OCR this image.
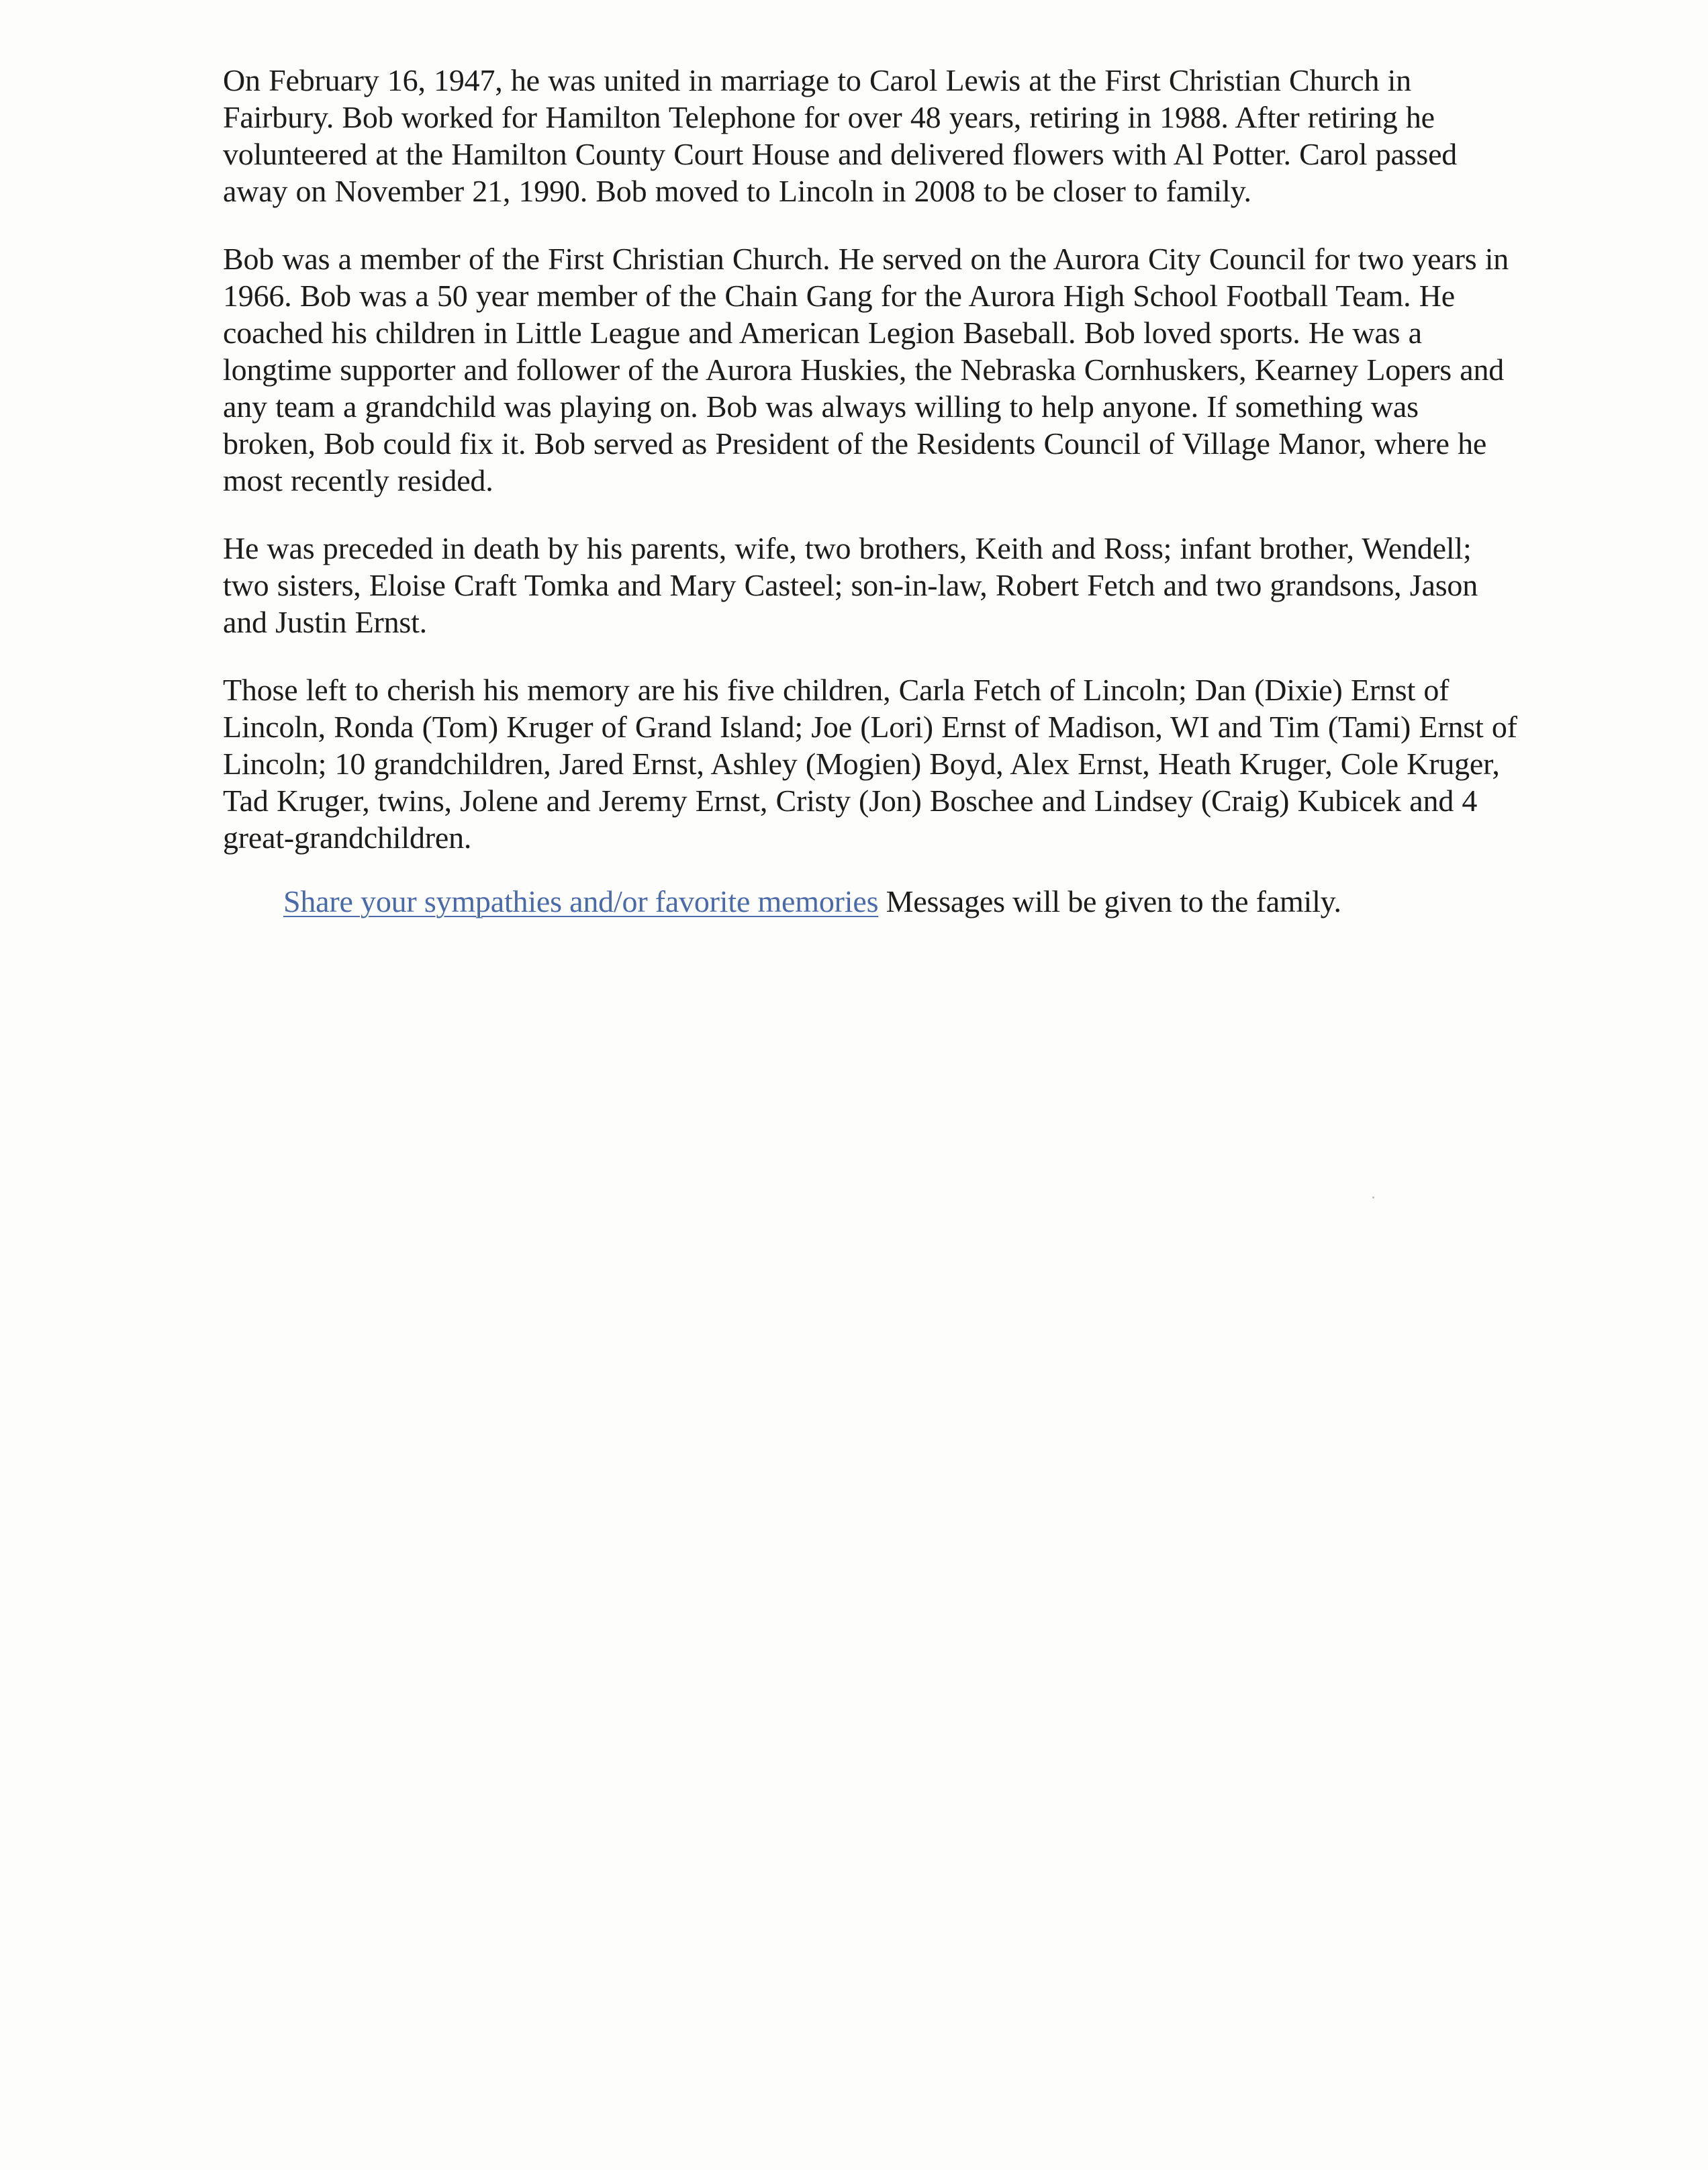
On February 16, 1947, he was united in marriage to Carol Lewis at the First Christian Church in Fairbury. Bob worked for Hamilton Telephone for over 48 years, retiring in 1988. After retiring he volunteered at the Hamilton County Court House and delivered flowers with Al Potter. Carol passed away on November 21, 1990. Bob moved to Lincoln in 2008 to be closer to family.

Bob was a member of the First Christian Church. He served on the Aurora City Council for two years in 1966. Bob was a 50 year member of the Chain Gang for the Aurora High School Football Team. He coached his children in Little League and American Legion Baseball. Bob loved sports. He was a longtime supporter and follower of the Aurora Huskies, the Nebraska Cornhuskers, Kearney Lopers and any team a grandchild was playing on. Bob was always willing to help anyone. If something was broken, Bob could fix it. Bob served as President of the Residents Council of Village Manor, where he most recently resided.

He was preceded in death by his parents, wife, two brothers, Keith and Ross; infant brother, Wendell; two sisters, Eloise Craft Tomka and Mary Casteel; son-in-law, Robert Fetch and two grandsons, Jason and Justin Ernst.

Those left to cherish his memory are his five children, Carla Fetch of Lincoln; Dan (Dixie) Ernst of Lincoln, Ronda (Tom) Kruger of Grand Island; Joe (Lori) Ernst of Madison, WI and Tim (Tami) Ernst of Lincoln; 10 grandchildren, Jared Ernst, Ashley (Mogien) Boyd, Alex Ernst, Heath Kruger, Cole Kruger, Tad Kruger, twins, Jolene and Jeremy Ernst, Cristy (Jon) Boschee and Lindsey (Craig) Kubicek and 4 great-grandchildren.

Share your sympathies and/or favorite memories Messages will be given to the family.
